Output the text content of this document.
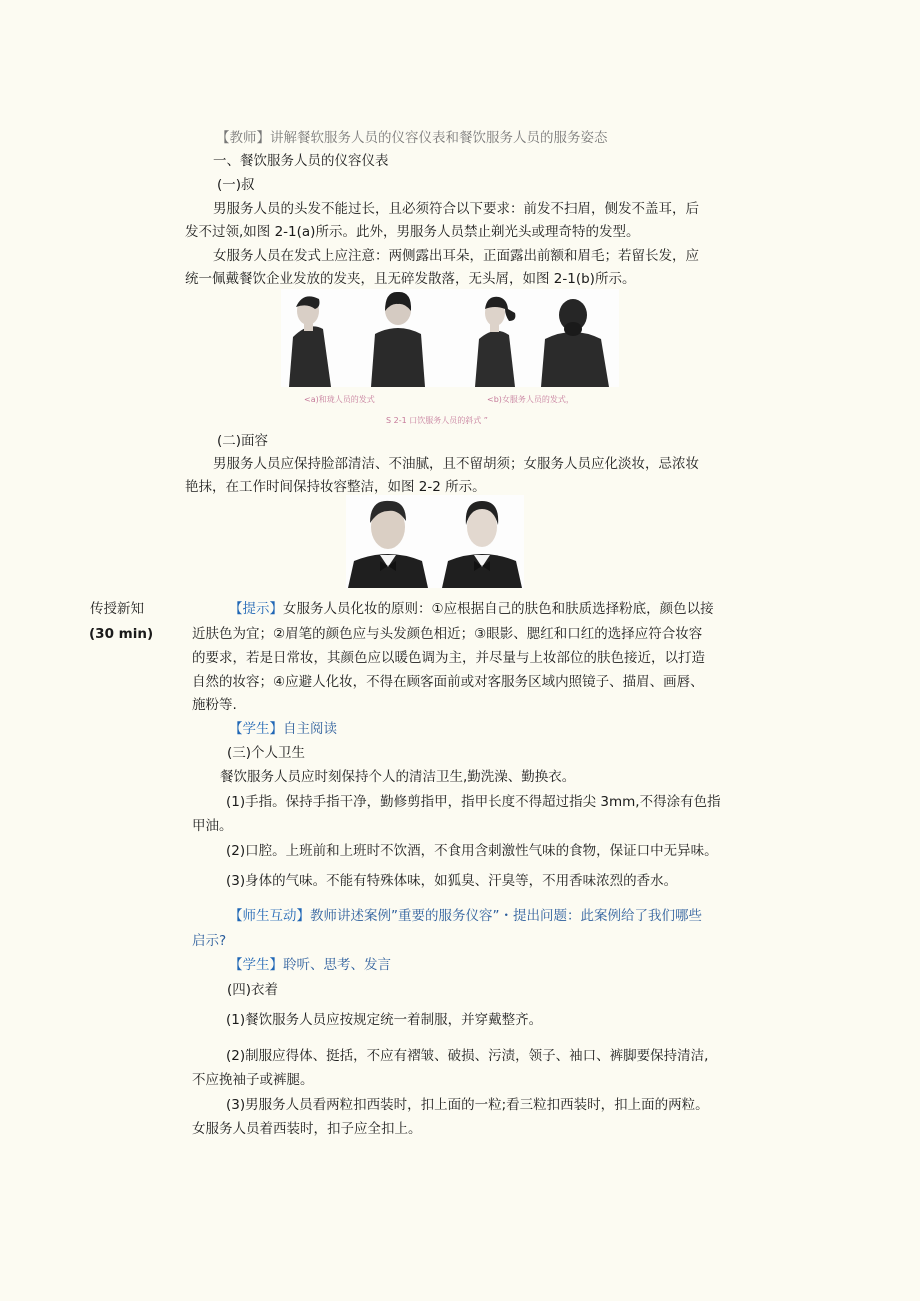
【教师】讲解餐软服务人员的仪容仪表和餐饮服务人员的服务姿态
一、餐饮服务人员的仪容仪表
(一)叔
男服务人员的头发不能过长，且必须符合以下要求：前发不扫眉，侧发不盖耳，后
发不过领,如图 2-1(a)所示。此外，男服务人员禁止剃光头或理奇特的发型。
女服务人员在发式上应注意：两侧露出耳朵，正面露出前额和眉毛；若留长发，应
统一佩戴餐饮企业发放的发夹，且无碎发散落，无头屑，如图 2-1(b)所示。
<a)和珑人员的发式	<b)女服务人员的发式，
S 2-1 口饮服务人员的斜式 ”
(二)面容
男服务人员应保持脸部清洁、不油腻，且不留胡须；女服务人员应化淡妆，忌浓妆
艳抹，在工作时间保持妆容整洁，如图 2-2 所示。
传授新知
(30 min)
【提示】女服务人员化妆的原则：①应根据自己的肤色和肤质选择粉底，颜色以接
近肤色为宜；②眉笔的颜色应与头发颜色相近；③眼影、腮红和口红的选择应符合妆容
的要求，若是日常妆，其颜色应以暖色调为主，并尽量与上妆部位的肤色接近，以打造
自然的妆容；④应避人化妆，不得在顾客面前或对客服务区域内照镜子、描眉、画唇、
施粉等.
【学生】自主阅读
(三)个人卫生
餐饮服务人员应时刻保持个人的清洁卫生,勤洗澡、勤换衣。
(1)手指。保持手指干净，勤修剪指甲，指甲长度不得超过指尖 3mm,不得涂有色指
甲油。
(2)口腔。上班前和上班时不饮酒，不食用含刺激性气味的食物，保证口中无异味。
(3)身体的气味。不能有特殊体味，如狐臭、汗臭等，不用香味浓烈的香水。
【师生互动】教师讲述案例”重要的服务仪容”・提出问题：此案例给了我们哪些
启示?
【学生】聆听、思考、发言
(四)衣着
(1)餐饮服务人员应按规定统一着制服，并穿戴整齐。
(2)制服应得体、挺括，不应有褶皱、破损、污渍，领子、袖口、裤脚要保持清洁,
不应挽袖子或裤腿。
(3)男服务人员看两粒扣西装时，扣上面的一粒;看三粒扣西装时，扣上面的两粒。
女服务人员着西装时，扣子应全扣上。
